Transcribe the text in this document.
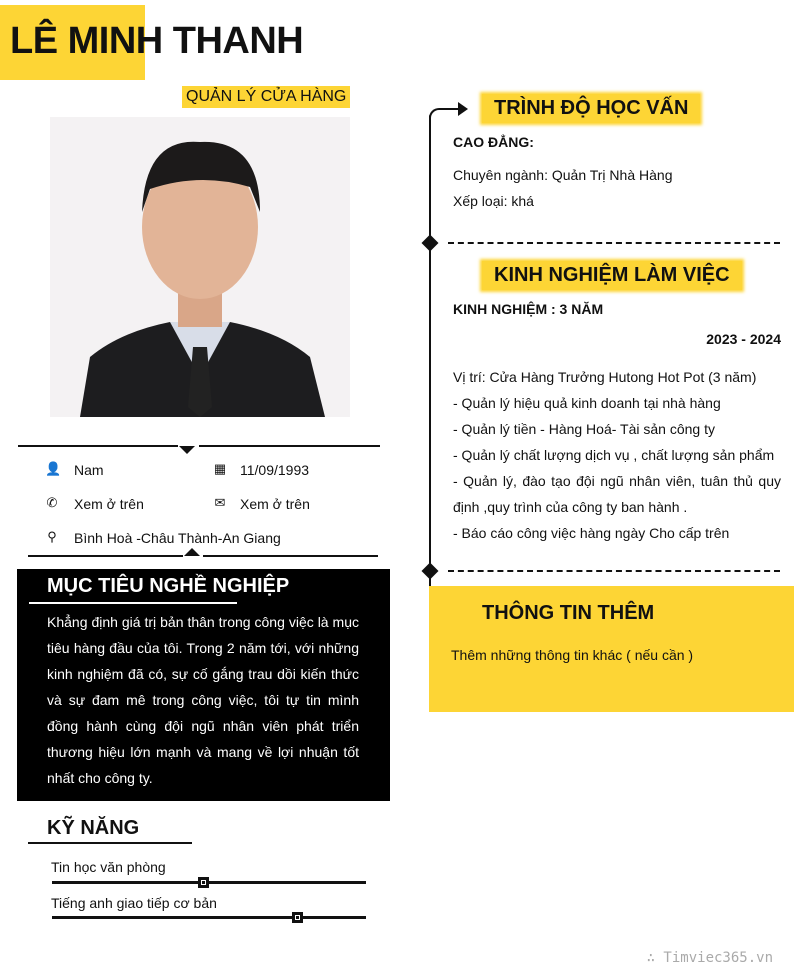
LÊ MINH THANH
QUẢN LÝ CỬA HÀNG
👤 Nam	▦ 11/09/1993
✆ Xem ở trên	✉ Xem ở trên
⚲ Bình Hoà -Châu Thành-An Giang
MỤC TIÊU NGHỀ NGHIỆP

Khẳng định giá trị bản thân trong công việc là mục tiêu hàng đầu của tôi. Trong 2 năm tới, với những kinh nghiệm đã có, sự cố gắng trau dồi kiến thức và sự đam mê trong công việc, tôi tự tin mình đồng hành cùng đội ngũ nhân viên phát triển thương hiệu lớn mạnh và mang về lợi nhuận tốt nhất cho công ty.

KỸ NĂNG
Tin học văn phòng
Tiếng anh giao tiếp cơ bản
TRÌNH ĐỘ HỌC VẤN
CAO ĐẲNG:
Chuyên ngành: Quản Trị Nhà Hàng
Xếp loại: khá
KINH NGHIỆM LÀM VIỆC
KINH NGHIỆM : 3 NĂM
2023 - 2024
Vị trí: Cửa Hàng Trưởng Hutong Hot Pot (3 năm)
- Quản lý hiệu quả kinh doanh tại nhà hàng
- Quản lý tiền - Hàng Hoá- Tài sản công ty
- Quản lý chất lượng dịch vụ , chất lượng sản phẩm
- Quản lý, đào tạo đội ngũ nhân viên, tuân thủ quy định ,quy trình của công ty ban hành .
- Báo cáo công việc hàng ngày Cho cấp trên
THÔNG TIN THÊM
Thêm những thông tin khác ( nếu cần )
∴ Timviec365.vn
